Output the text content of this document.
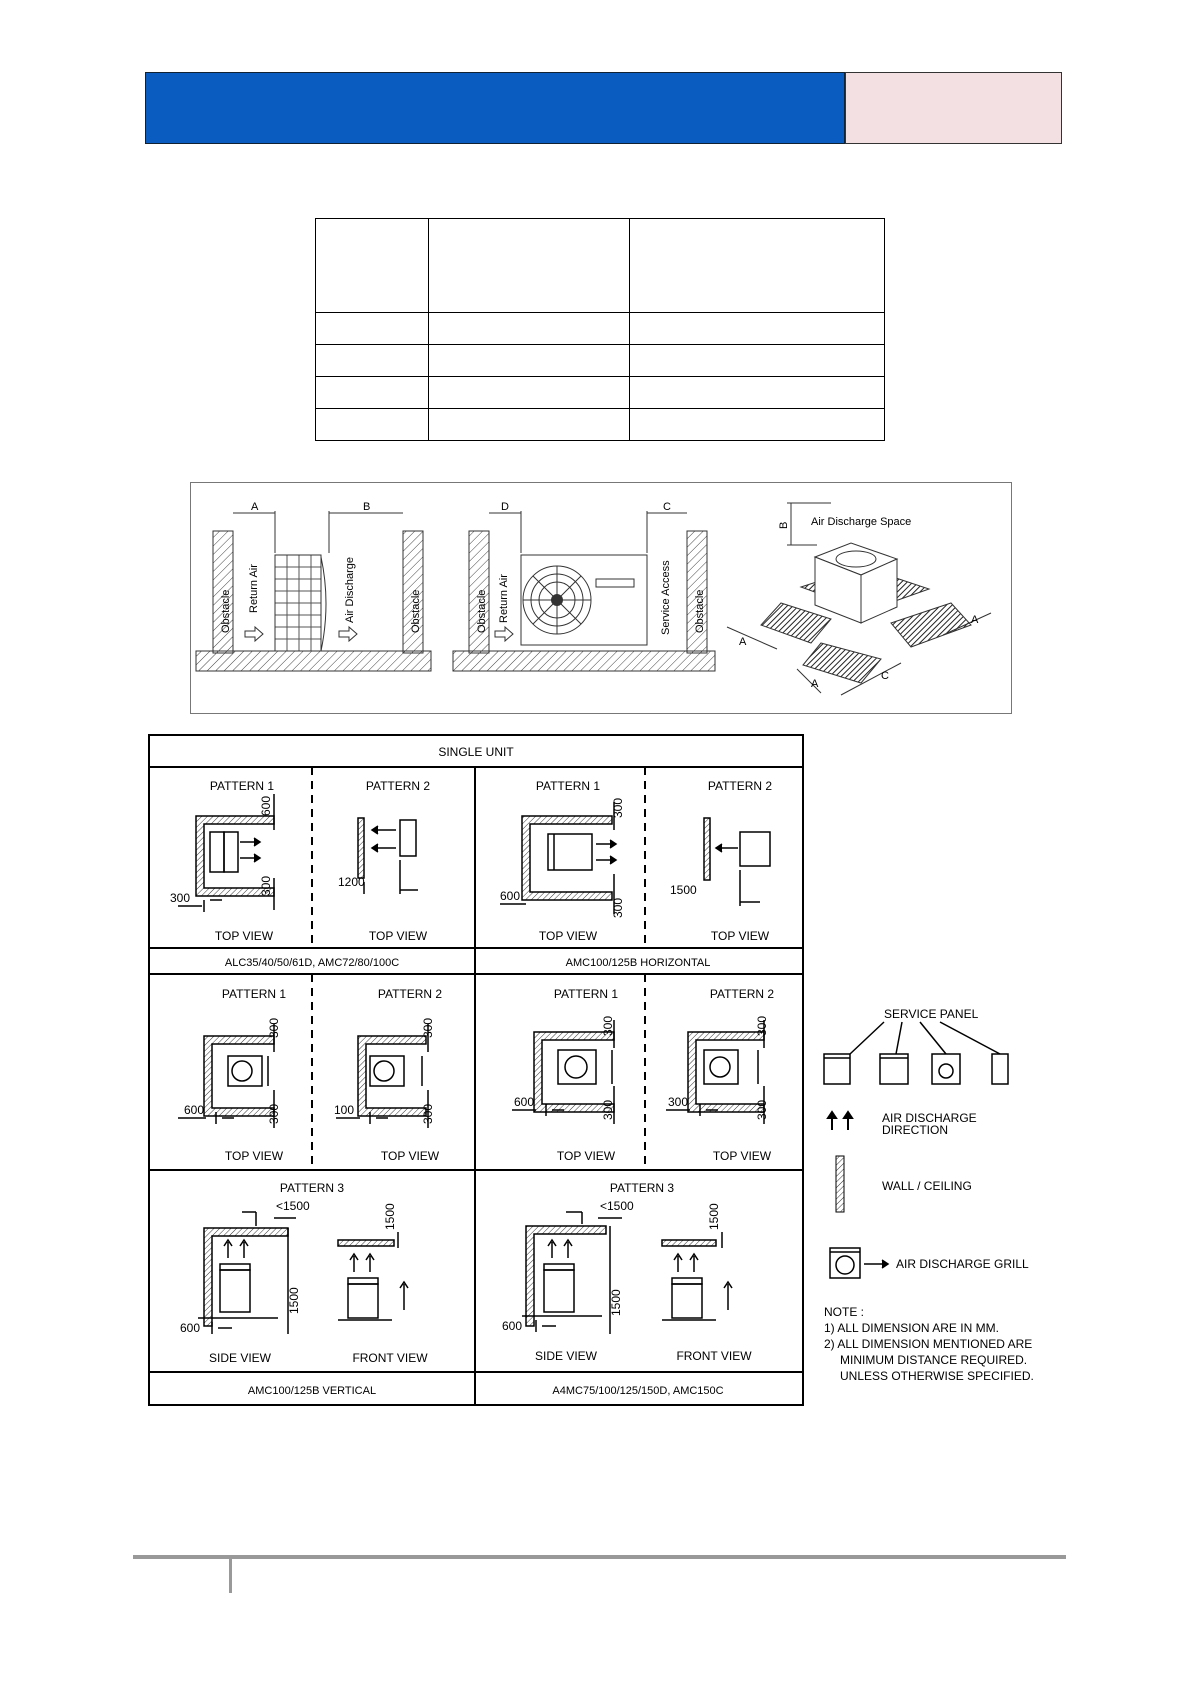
A	B
Obstacle Return Air	Air Discharge	Obstacle
D	C
Obstacle Return Air	Service Access Obstacle
B Air Discharge Space
A
A
A
C
SINGLE UNIT
PATTERN 1	PATTERN 2	PATTERN 1	PATTERN 2
TOP VIEW	TOP VIEW	TOP VIEW	TOP VIEW
ALC35/40/50/61D, AMC72/80/100C	AMC100/125B HORIZONTAL
PATTERN 1	PATTERN 2	PATTERN 1	PATTERN 2
TOP VIEW	TOP VIEW	TOP VIEW	TOP VIEW
PATTERN 3	PATTERN 3
SIDE VIEW	FRONT VIEW	SIDE VIEW	FRONT VIEW
AMC100/125B VERTICAL	A4MC75/100/125/150D, AMC150C
600
300
300
1200
300
300
600	1500
300
300
600
300
300
100
300
300
600
300
300
300
<1500
1500
1500
600
<1500
1500
1500
600
SERVICE PANEL
AIR DISCHARGE
DIRECTION
WALL / CEILING
AIR DISCHARGE GRILL
NOTE :
1) ALL DIMENSION ARE IN MM.
2) ALL DIMENSION MENTIONED ARE
MINIMUM DISTANCE REQUIRED.
UNLESS OTHERWISE SPECIFIED.
